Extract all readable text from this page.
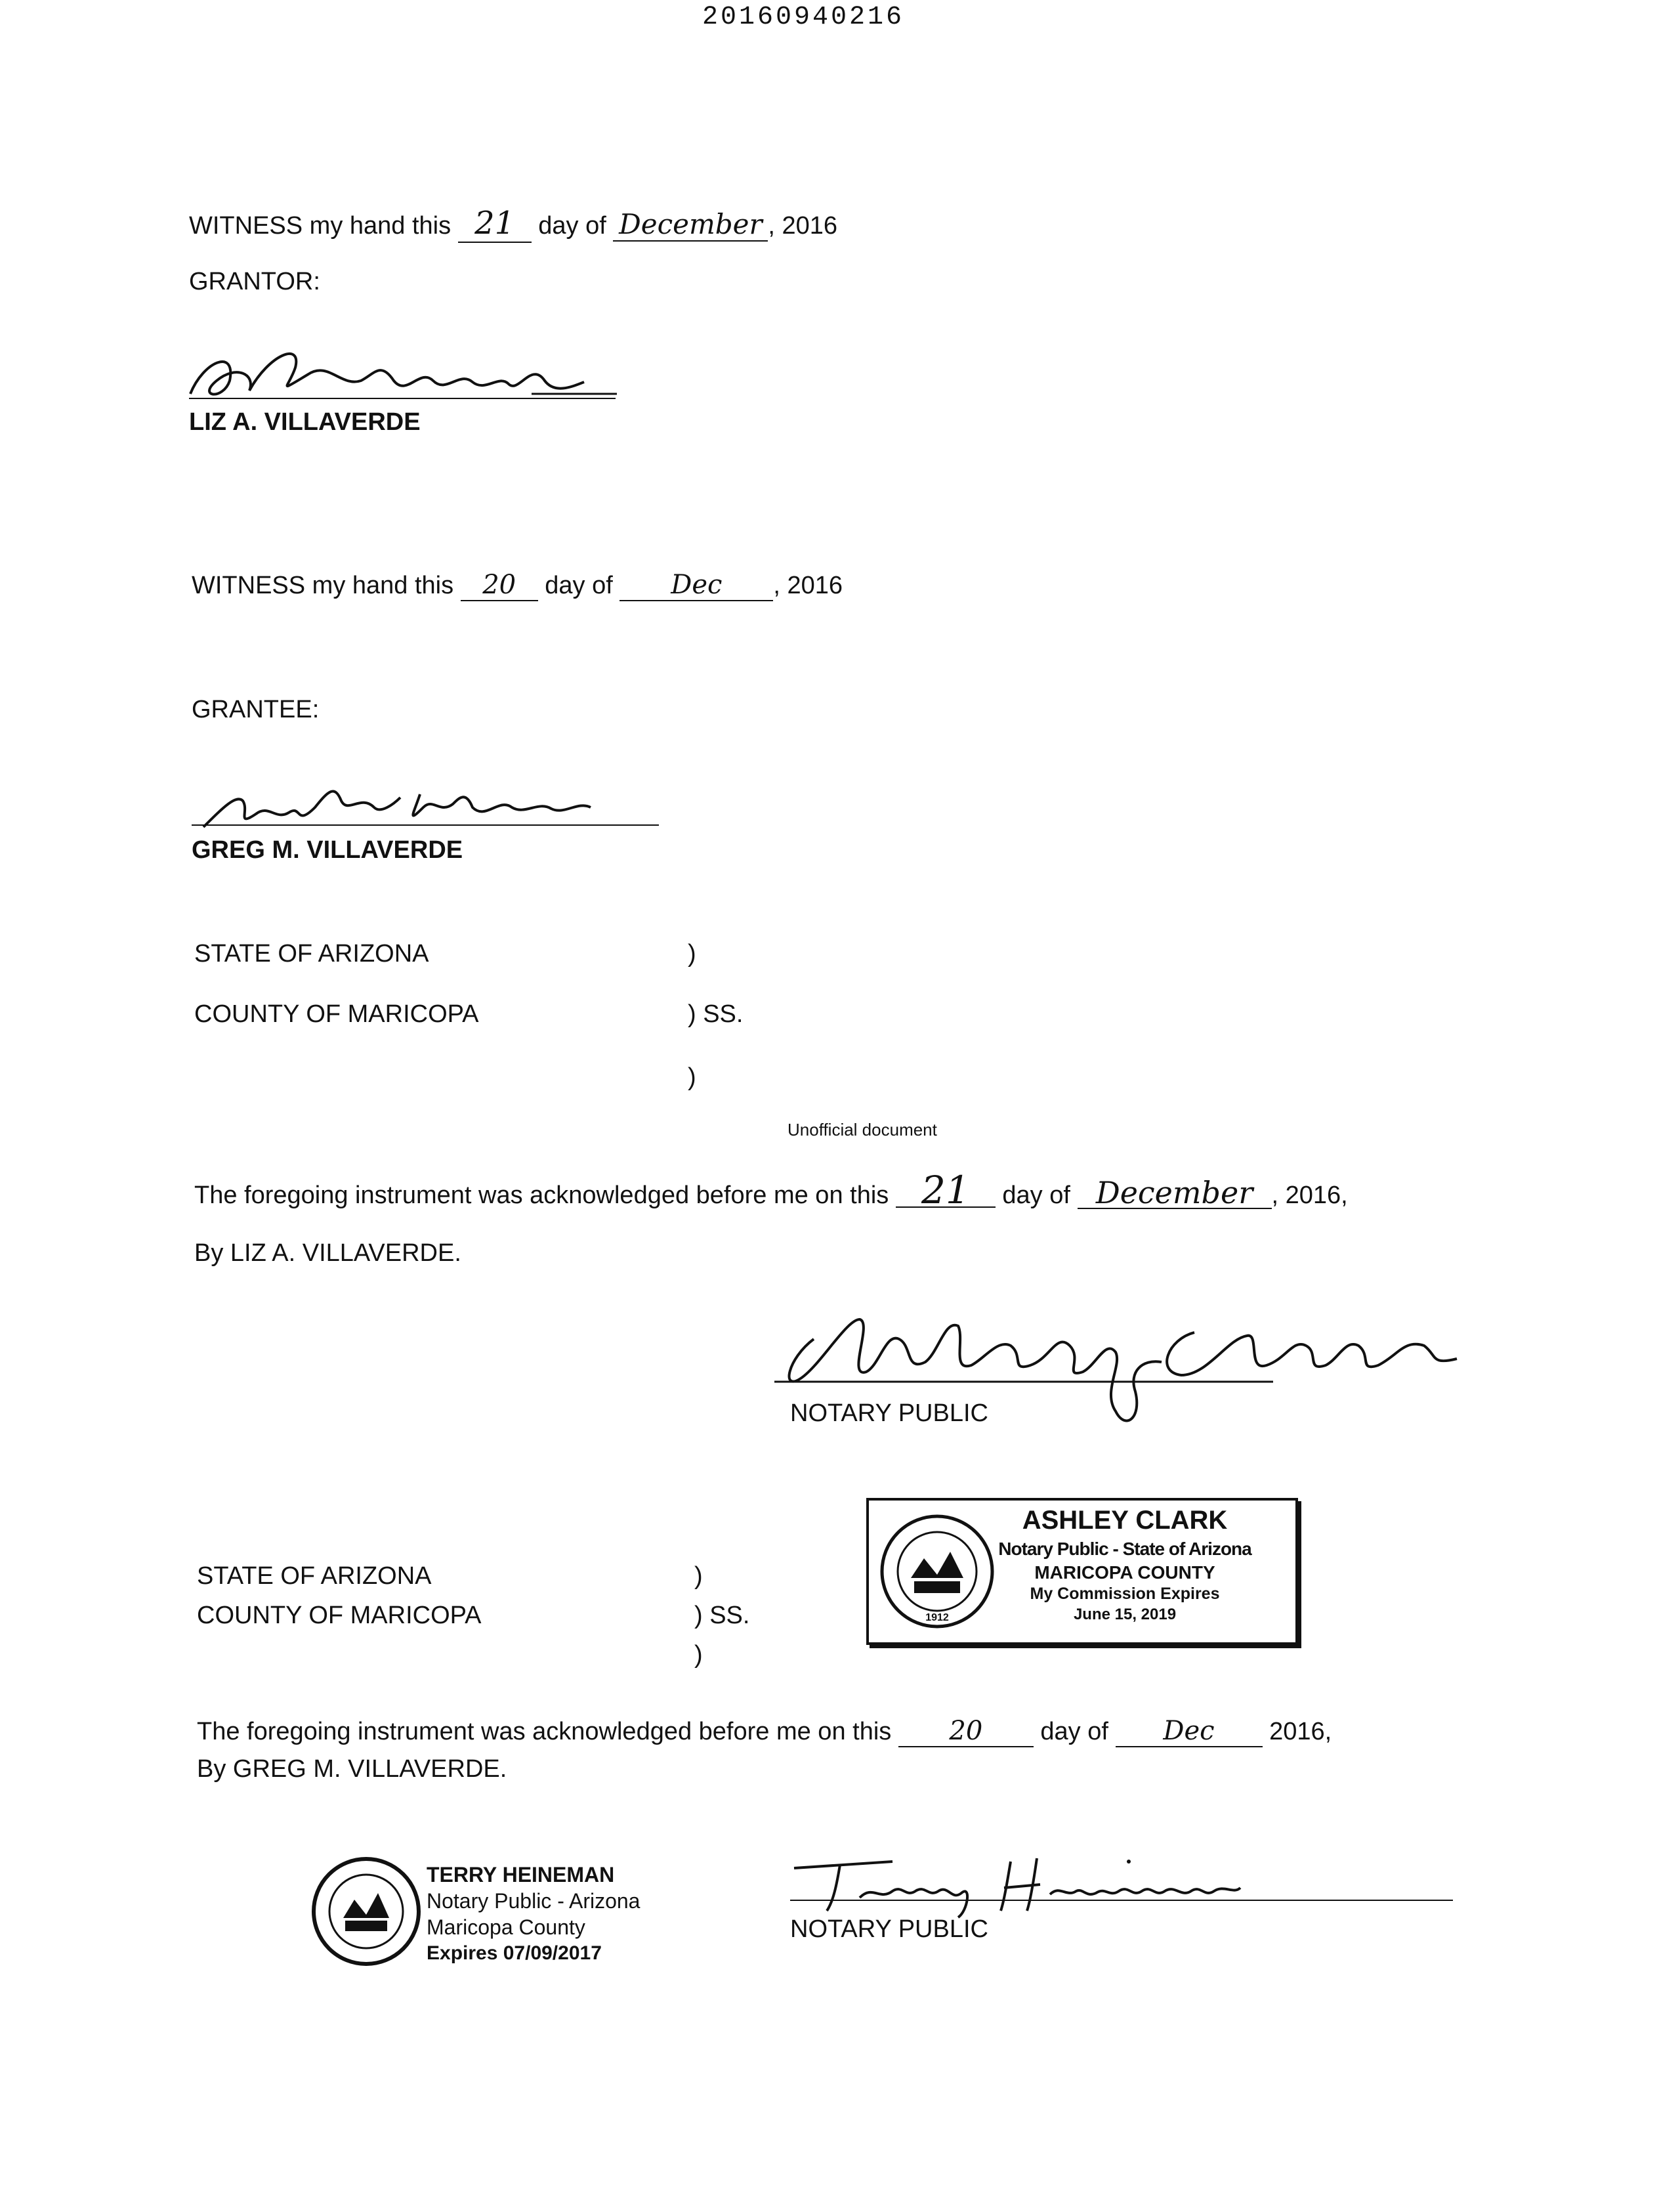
20160940216
WITNESS my hand this 21 day of December , 2016
GRANTOR:
LIZ A. VILLAVERDE
WITNESS my hand this 20 day of Dec , 2016
GRANTEE:
GREG M. VILLAVERDE
STATE OF ARIZONA	)
COUNTY OF MARICOPA	) SS.
)
Unofficial document
The foregoing instrument was acknowledged before me on this 21 day of December , 2016,
By LIZ A. VILLAVERDE.
NOTARY PUBLIC
1912
ASHLEY CLARK
Notary Public - State of Arizona
MARICOPA COUNTY
My Commission Expires
June 15, 2019
STATE OF ARIZONA	)
COUNTY OF MARICOPA	) SS.
)
The foregoing instrument was acknowledged before me on this 20 day of Dec 2016,
By GREG M. VILLAVERDE.
TERRY HEINEMAN
Notary Public - Arizona
Maricopa County
Expires 07/09/2017
NOTARY PUBLIC
